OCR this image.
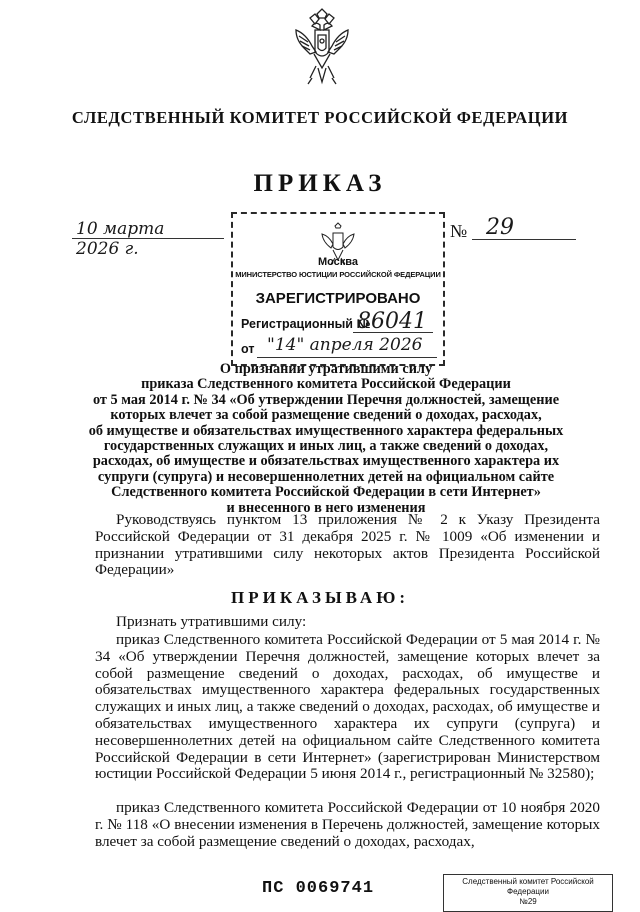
СЛЕДСТВЕННЫЙ КОМИТЕТ РОССИЙСКОЙ ФЕДЕРАЦИИ
ПРИКАЗ
10 марта 2026 г.
№ 29
Москва
МИНИСТЕРСТВО ЮСТИЦИИ РОССИЙСКОЙ ФЕДЕРАЦИИ
ЗАРЕГИСТРИРОВАНО
Регистрационный №
86041
от "14" апреля 2026
О признании утратившими силу
приказа Следственного комитета Российской Федерации
от 5 мая 2014 г. № 34 «Об утверждении Перечня должностей, замещение
которых влечет за собой размещение сведений о доходах, расходах,
об имуществе и обязательствах имущественного характера федеральных
государственных служащих и иных лиц, а также сведений о доходах,
расходах, об имуществе и обязательствах имущественного характера их
супруги (супруга) и несовершеннолетних детей на официальном сайте
Следственного комитета Российской Федерации в сети Интернет»
и внесенного в него изменения
Руководствуясь пунктом 13 приложения № 2 к Указу Президента Российской Федерации от 31 декабря 2025 г. № 1009 «Об изменении и признании утратившими силу некоторых актов Президента Российской Федерации»
ПРИКАЗЫВАЮ:
Признать утратившими силу:
приказ Следственного комитета Российской Федерации от 5 мая 2014 г. № 34 «Об утверждении Перечня должностей, замещение которых влечет за собой размещение сведений о доходах, расходах, об имуществе и обязательствах имущественного характера федеральных государственных служащих и иных лиц, а также сведений о доходах, расходах, об имуществе и обязательствах имущественного характера их супруги (супруга) и несовершеннолетних детей на официальном сайте Следственного комитета Российской Федерации в сети Интернет» (зарегистрирован Министерством юстиции Российской Федерации 5 июня 2014 г., регистрационный № 32580);
приказ Следственного комитета Российской Федерации от 10 ноября 2020 г. № 118 «О внесении изменения в Перечень должностей, замещение которых влечет за собой размещение сведений о доходах, расходах,
ПС 0069741	Следственный комитет Российской
Федерации
№29
